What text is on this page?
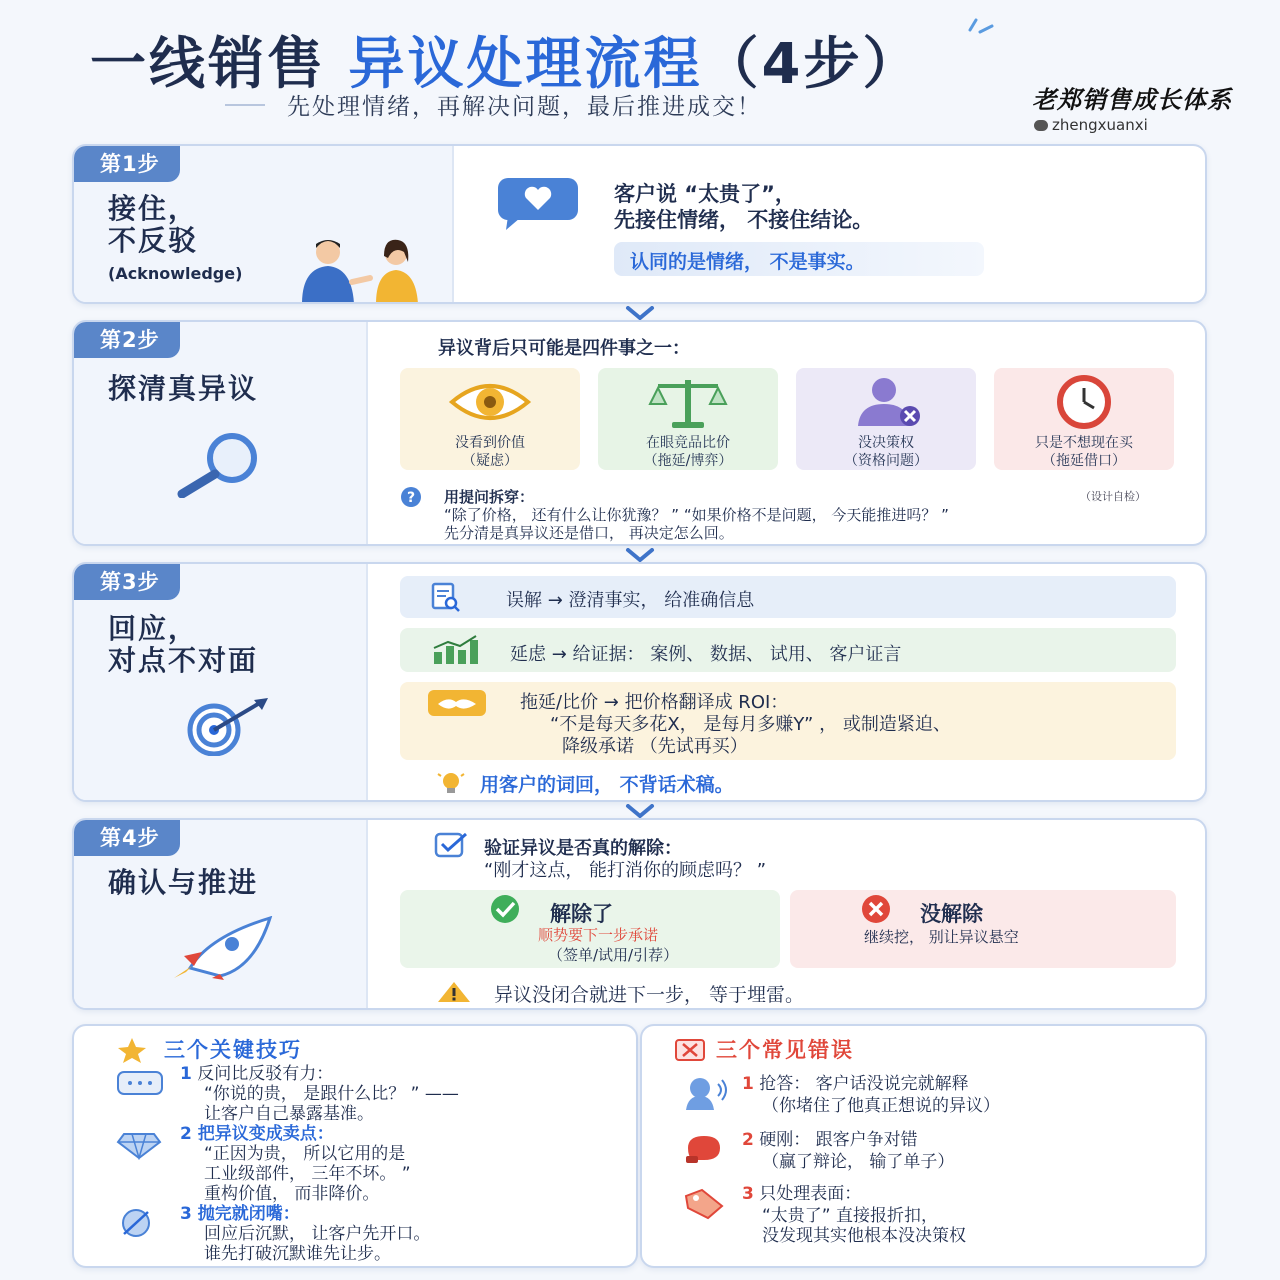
一线销售 异议处理流程（4步）
先处理情绪，再解决问题，最后推进成交！	老郑销售成长体系
zhengxuanxi
第1步
接住，
不反驳
(Acknowledge)
客户说 “太贵了”，
先接住情绪， 不接住结论。
认同的是情绪， 不是事实。
第2步
探清真异议
异议背后只可能是四件事之一：
没看到价值
（疑虑）
在眼竞品比价
（拖延/博弈）
没决策权
（资格问题）
只是不想现在买
（拖延借口）
? 用提问拆穿：	（设计自检）
“除了价格， 还有什么让你犹豫？ ” “如果价格不是问题， 今天能推进吗？ ”
先分清是真异议还是借口， 再决定怎么回。
第3步
回应，
对点不对面
误解 → 澄清事实， 给准确信息
延虑 → 给证据： 案例、 数据、 试用、 客户证言
拖延/比价 → 把价格翻译成 ROI：
“不是每天多花X， 是每月多赚Y” ， 或制造紧迫、
降级承诺 （先试再买）
用客户的词回， 不背话术稿。
第4步
确认与推进
验证异议是否真的解除：
“刚才这点， 能打消你的顾虑吗？ ”
解除了
顺势要下一步承诺
（签单/试用/引荐）
没解除
继续挖， 别让异议悬空
异议没闭合就进下一步， 等于埋雷。
三个关键技巧
1 反问比反驳有力：
“你说的贵， 是跟什么比？ ” ——
让客户自己暴露基准。
2 把异议变成卖点：
“正因为贵， 所以它用的是
工业级部件， 三年不坏。 ”
重构价值， 而非降价。
3 抛完就闭嘴：
回应后沉默， 让客户先开口。
谁先打破沉默谁先让步。
三个常见错误
1 抢答： 客户话没说完就解释
（你堵住了他真正想说的异议）
2 硬刚： 跟客户争对错
（赢了辩论， 输了单子）
3 只处理表面：
“太贵了” 直接报折扣，
没发现其实他根本没决策权
